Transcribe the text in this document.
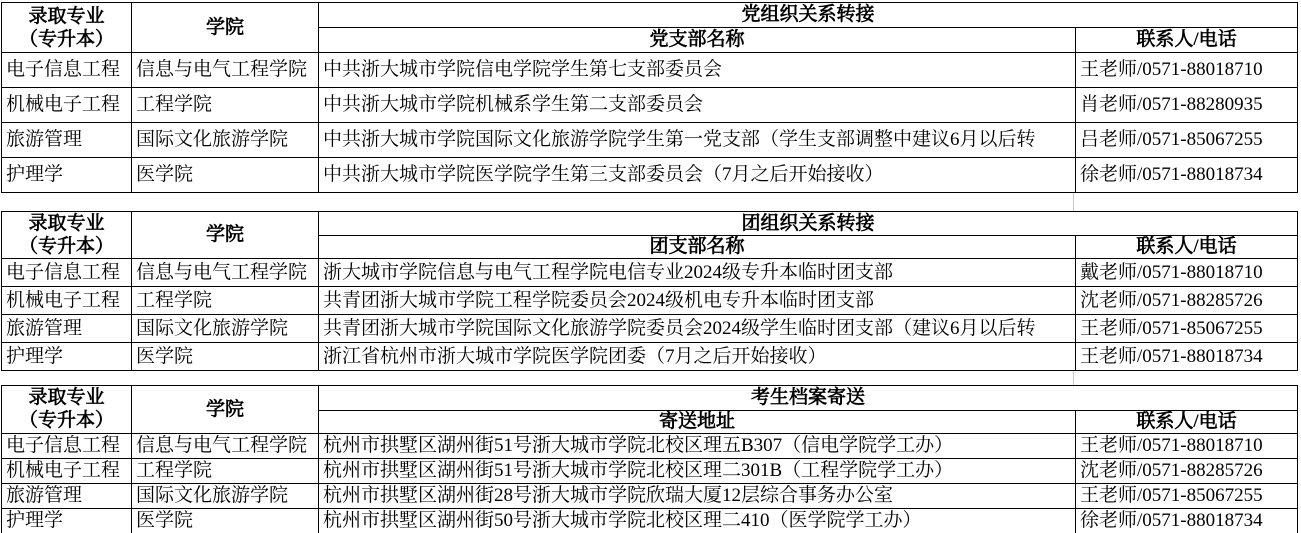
录取专业
（专升本）	学院	党组织关系转接	
		党支部名称	联系人/电话
电子信息工程	信息与电气工程学院	中共浙大城市学院信电学院学生第七支部委员会	王老师/0571-88018710
机械电子工程	工程学院	中共浙大城市学院机械系学生第二支部委员会	肖老师/0571-88280935
旅游管理	国际文化旅游学院	中共浙大城市学院国际文化旅游学院学生第一党支部（学生支部调整中建议6月以后转	吕老师/0571-85067255
护理学	医学院	中共浙大城市学院医学院学生第三支部委员会（7月之后开始接收）	徐老师/0571-88018734
录取专业
（专升本）	学院	团组织关系转接	
		团支部名称	联系人/电话
电子信息工程	信息与电气工程学院	浙大城市学院信息与电气工程学院电信专业2024级专升本临时团支部	戴老师/0571-88018710
机械电子工程	工程学院	共青团浙大城市学院工程学院委员会2024级机电专升本临时团支部	沈老师/0571-88285726
旅游管理	国际文化旅游学院	共青团浙大城市学院国际文化旅游学院委员会2024级学生临时团支部（建议6月以后转	王老师/0571-85067255
护理学	医学院	浙江省杭州市浙大城市学院医学院团委（7月之后开始接收）	王老师/0571-88018734
录取专业
（专升本）	学院	考生档案寄送	
		寄送地址	联系人/电话
电子信息工程	信息与电气工程学院	杭州市拱墅区湖州街51号浙大城市学院北校区理五B307（信电学院学工办）	王老师/0571-88018710
机械电子工程	工程学院	杭州市拱墅区湖州街51号浙大城市学院北校区理二301B（工程学院学工办）	沈老师/0571-88285726
旅游管理	国际文化旅游学院	杭州市拱墅区湖州街28号浙大城市学院欣瑞大厦12层综合事务办公室	王老师/0571-85067255
护理学	医学院	杭州市拱墅区湖州街50号浙大城市学院北校区理二410（医学院学工办）	徐老师/0571-88018734
